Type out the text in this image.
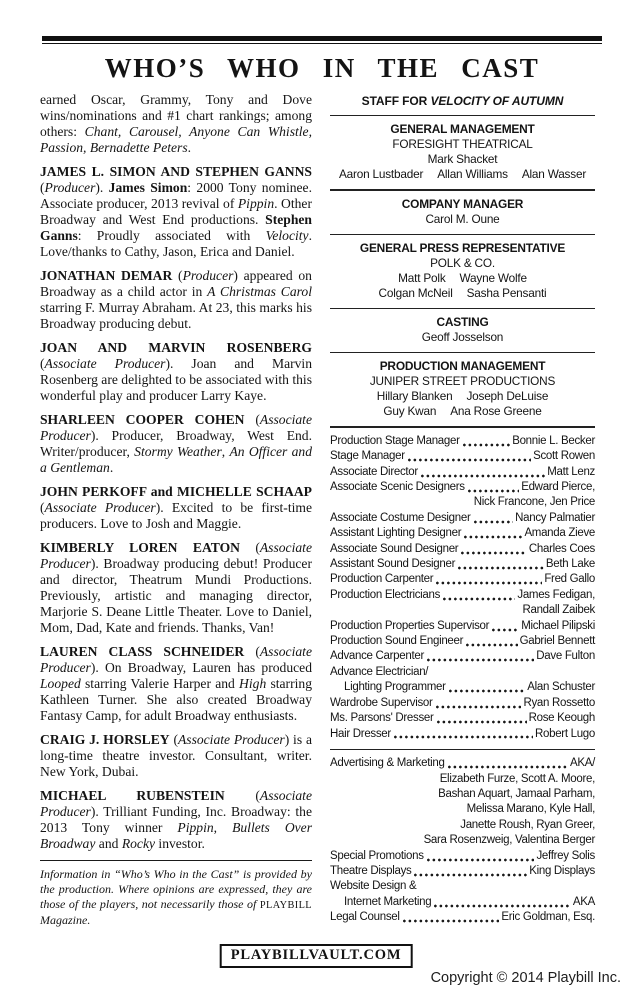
WHO’S WHO IN THE CAST

earned Oscar, Grammy, Tony and Dove wins/nominations and #1 chart rankings; among others: Chant, Carousel, Anyone Can Whistle, Passion, Bernadette Peters.

JAMES L. SIMON AND STEPHEN GANNS (Producer). James Simon: 2000 Tony nominee. Associate producer, 2013 revival of Pippin. Other Broadway and West End productions. Stephen Ganns: Proudly associated with Velocity. Love/thanks to Cathy, Jason, Erica and Daniel.

JONATHAN DEMAR (Producer) appeared on Broadway as a child actor in A Christmas Carol starring F. Murray Abraham. At 23, this marks his Broadway producing debut.

JOAN AND MARVIN ROSENBERG (Associate Producer). Joan and Marvin Rosenberg are delighted to be associated with this wonderful play and producer Larry Kaye.

SHARLEEN COOPER COHEN (Associate Producer). Producer, Broadway, West End. Writer/producer, Stormy Weather, An Officer and a Gentleman.

JOHN PERKOFF and MICHELLE SCHAAP (Associate Producer). Excited to be first-time producers. Love to Josh and Maggie.

KIMBERLY LOREN EATON (Associate Producer). Broadway producing debut! Producer and director, Theatrum Mundi Productions. Previously, artistic and managing director, Marjorie S. Deane Little Theater. Love to Daniel, Mom, Dad, Kate and friends. Thanks, Van!

LAUREN CLASS SCHNEIDER (Associate Producer). On Broadway, Lauren has produced Looped starring Valerie Harper and High starring Kathleen Turner. She also created Broadway Fantasy Camp, for adult Broadway enthusiasts.

CRAIG J. HORSLEY (Associate Producer) is a long-time theatre investor. Consultant, writer. New York, Dubai.

MICHAEL RUBENSTEIN (Associate Producer). Trilliant Funding, Inc. Broadway: the 2013 Tony winner Pippin, Bullets Over Broadway and Rocky investor.

Information in “Who’s Who in the Cast” is provided by the production. Where opinions are expressed, they are those of the players, not necessarily those of PLAYBILL Magazine.
STAFF FOR VELOCITY OF AUTUMN
GENERAL MANAGEMENT
FORESIGHT THEATRICAL
Mark Shacket
Aaron Lustbader Allan Williams Alan Wasser
COMPANY MANAGER
Carol M. Oune
GENERAL PRESS REPRESENTATIVE
POLK & CO.
Matt Polk Wayne Wolfe
Colgan McNeil Sasha Pensanti
CASTING
Geoff Josselson
PRODUCTION MANAGEMENT
JUNIPER STREET PRODUCTIONS
Hillary Blanken Joseph DeLuise
Guy Kwan Ana Rose Greene
Production Stage Manager	Bonnie L. Becker
Stage Manager	Scott Rowen
Associate Director	Matt Lenz
Associate Scenic Designers	Edward Pierce,
Nick Francone, Jen Price
Associate Costume Designer	Nancy Palmatier
Assistant Lighting Designer	Amanda Zieve
Associate Sound Designer	Charles Coes
Assistant Sound Designer	Beth Lake
Production Carpenter	Fred Gallo
Production Electricians	James Fedigan,
Randall Zaibek
Production Properties Supervisor	Michael Pilipski
Production Sound Engineer	Gabriel Bennett
Advance Carpenter	Dave Fulton
Advance Electrician/
Lighting Programmer	Alan Schuster
Wardrobe Supervisor	Ryan Rossetto
Ms. Parsons' Dresser	Rose Keough
Hair Dresser	Robert Lugo
Advertising & Marketing	AKA/
Elizabeth Furze, Scott A. Moore,
Bashan Aquart, Jamaal Parham,
Melissa Marano, Kyle Hall,
Janette Roush, Ryan Greer,
Sara Rosenzweig, Valentina Berger
Special Promotions	Jeffrey Solis
Theatre Displays	King Displays
Website Design &
Internet Marketing	AKA
Legal Counsel	Eric Goldman, Esq.
PLAYBILLVAULT.COM
Copyright © 2014 Playbill Inc.
